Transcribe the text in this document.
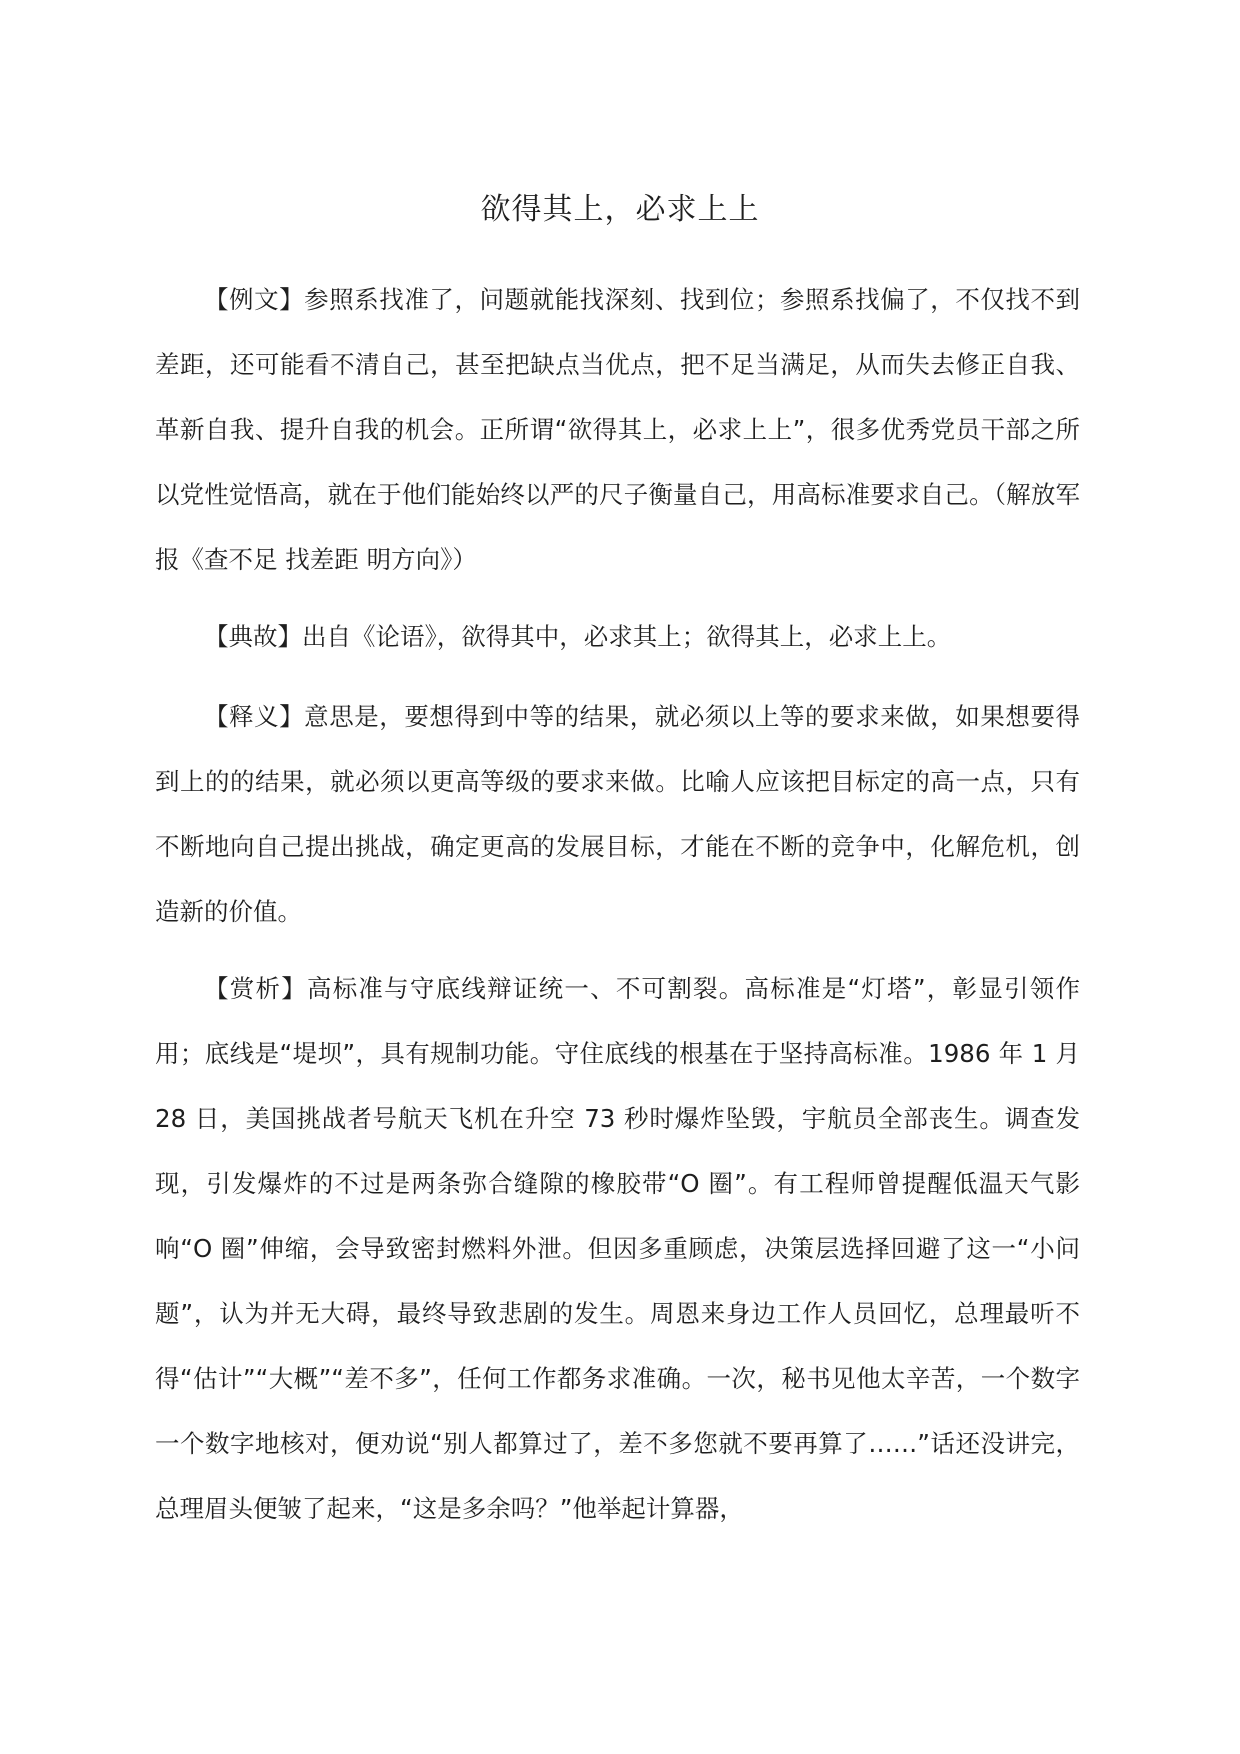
欲得其上，必求上上

【例文】参照系找准了，问题就能找深刻、找到位；参照系找偏了，不仅找不到差距，还可能看不清自己，甚至把缺点当优点，把不足当满足，从而失去修正自我、革新自我、提升自我的机会。正所谓“欲得其上，必求上上”，很多优秀党员干部之所以党性觉悟高，就在于他们能始终以严的尺子衡量自己，用高标准要求自己。（解放军报《查不足 找差距 明方向》）

【典故】出自《论语》，欲得其中，必求其上；欲得其上，必求上上。

【释义】意思是，要想得到中等的结果，就必须以上等的要求来做，如果想要得到上的的结果，就必须以更高等级的要求来做。比喻人应该把目标定的高一点，只有不断地向自己提出挑战，确定更高的发展目标，才能在不断的竞争中，化解危机，创造新的价值。

【赏析】高标准与守底线辩证统一、不可割裂。高标准是“灯塔”，彰显引领作用；底线是“堤坝”，具有规制功能。守住底线的根基在于坚持高标准。1986 年 1 月 28 日，美国挑战者号航天飞机在升空 73 秒时爆炸坠毁，宇航员全部丧生。调查发现，引发爆炸的不过是两条弥合缝隙的橡胶带“O 圈”。有工程师曾提醒低温天气影响“O 圈”伸缩，会导致密封燃料外泄。但因多重顾虑，决策层选择回避了这一“小问题”，认为并无大碍，最终导致悲剧的发生。周恩来身边工作人员回忆，总理最听不得“估计”“大概”“差不多”，任何工作都务求准确。一次，秘书见他太辛苦，一个数字一个数字地核对，便劝说“别人都算过了，差不多您就不要再算了……”话还没讲完，总理眉头便皱了起来，“这是多余吗？”他举起计算器，
